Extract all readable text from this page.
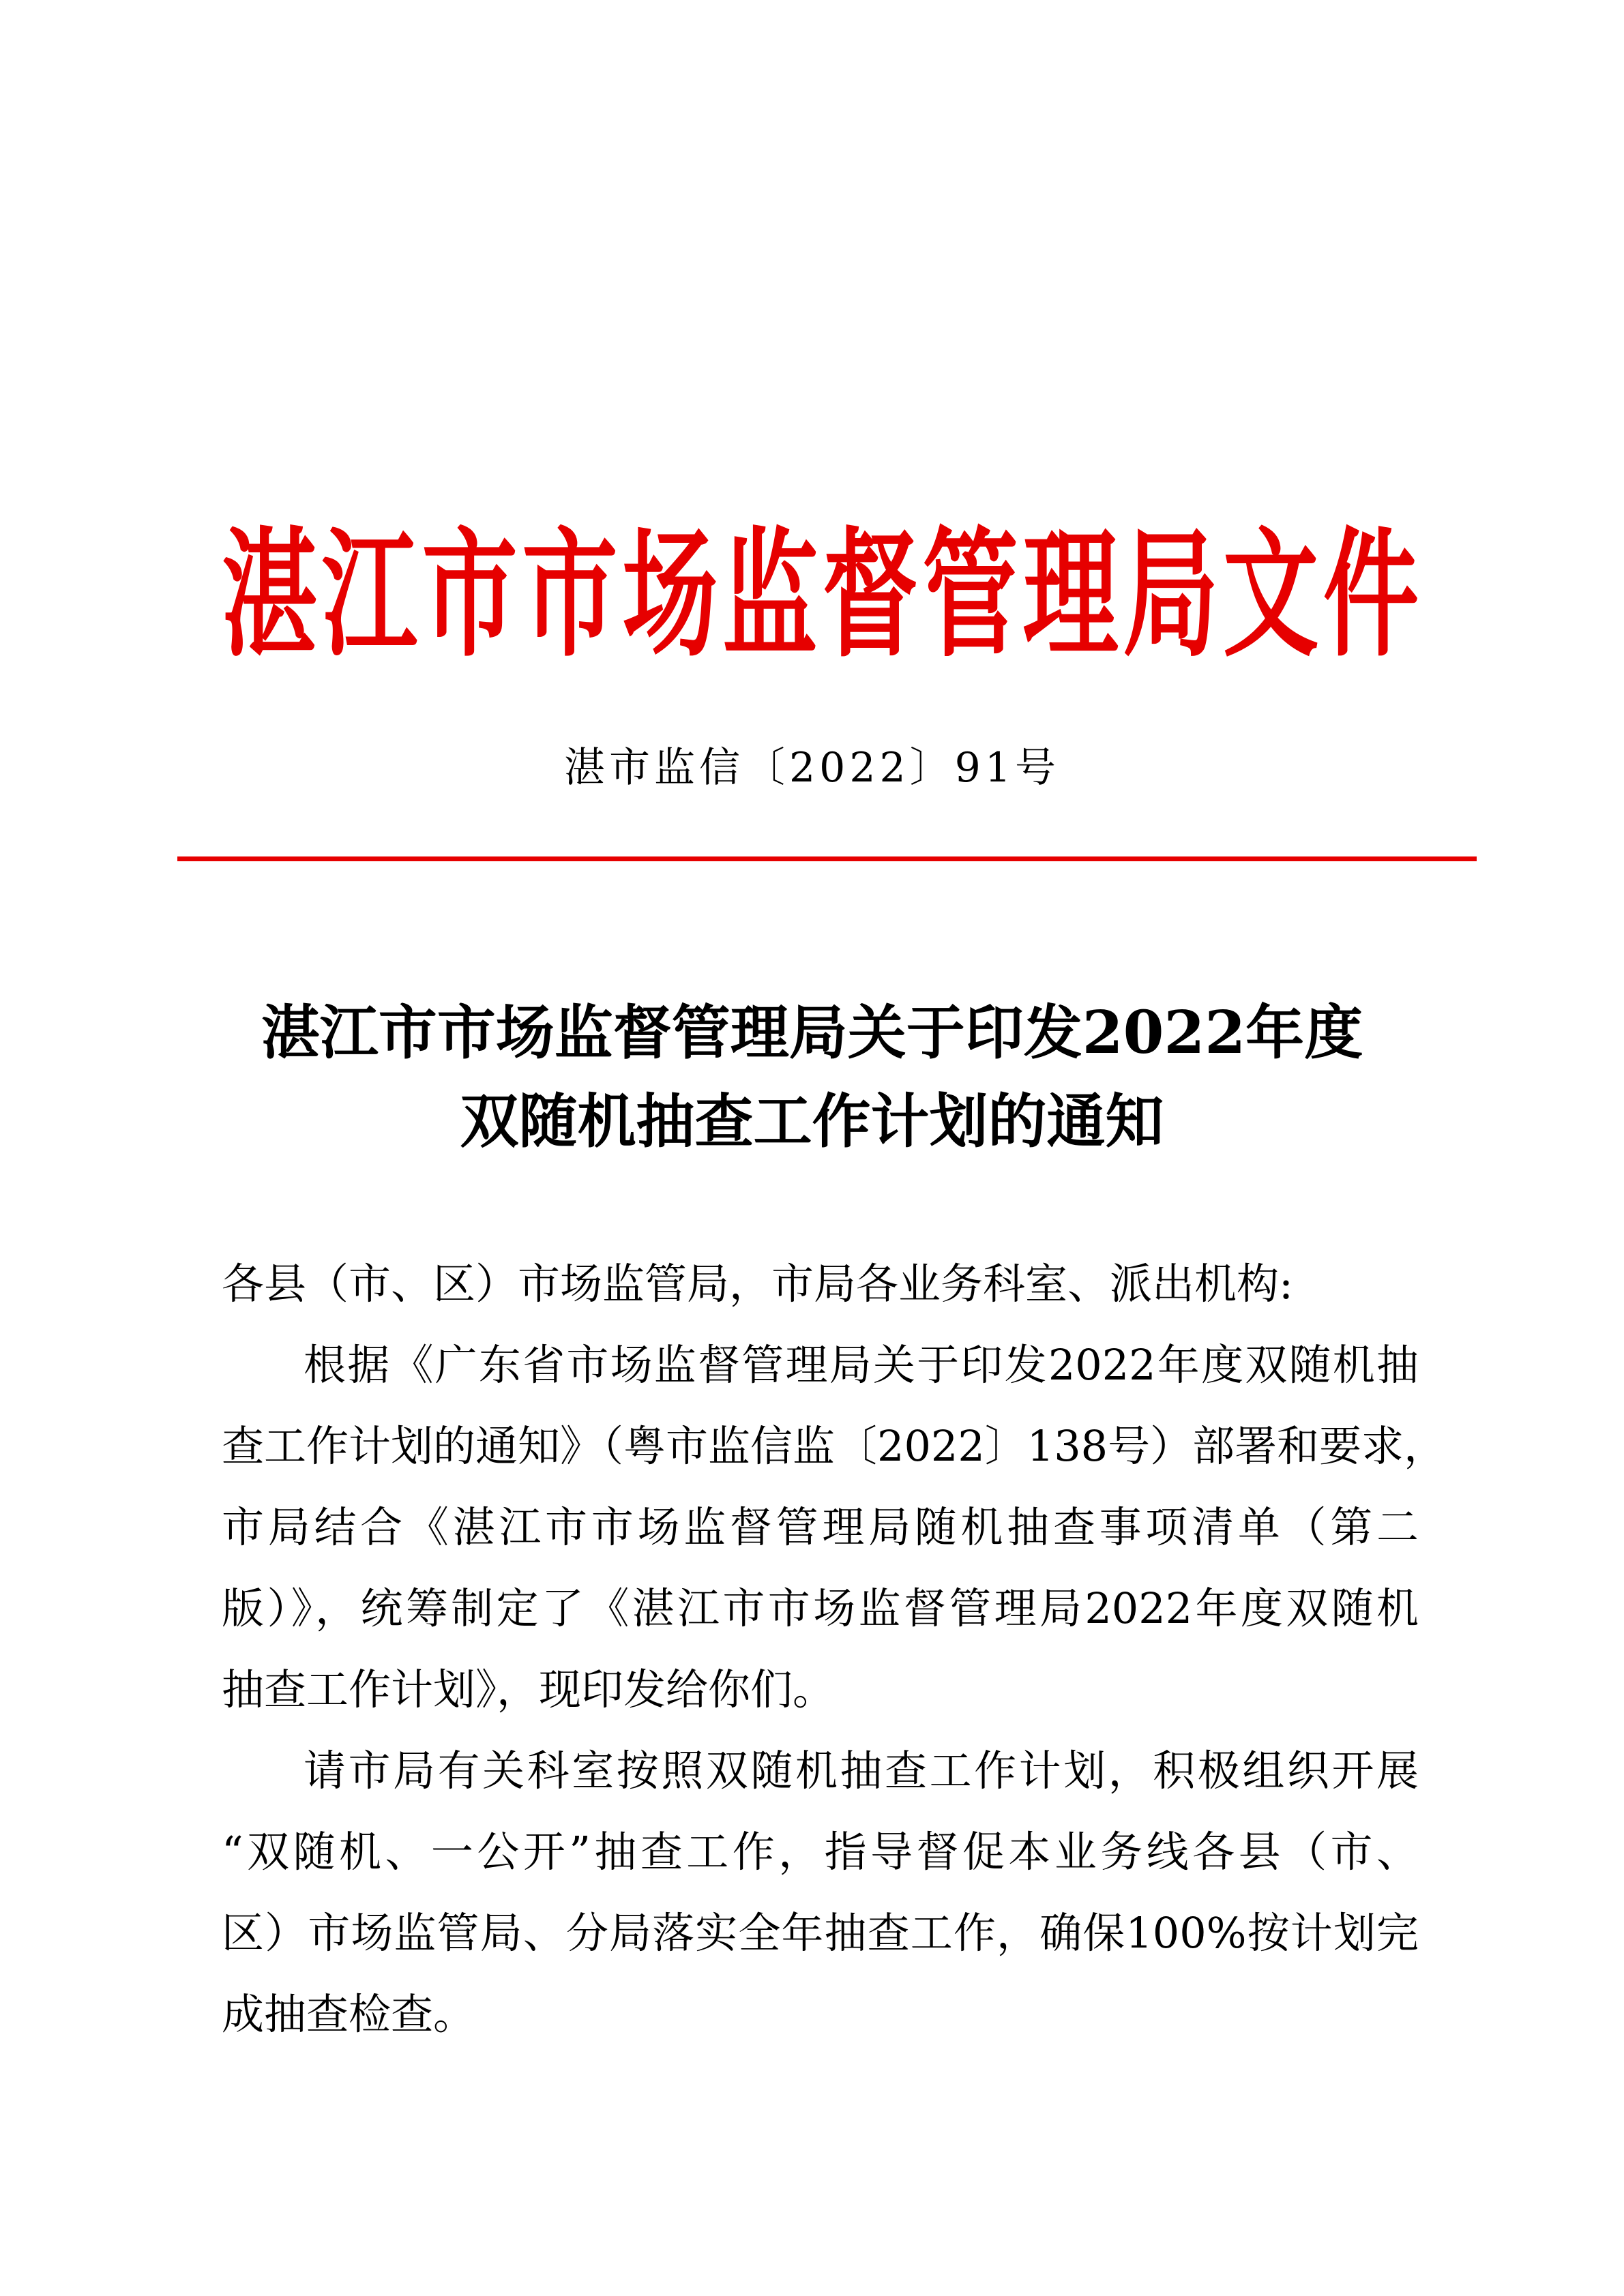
湛 江 市 市 场 监 督 管 理 局 文 件
湛市监信〔2022〕91号
湛江市市场监督管理局关于印发2022年度
双随机抽查工作计划的通知
各县（市、区）市场监管局，市局各业务科室、派出机构:
根据《广东省市场监督管理局关于印发2022年度双随机抽
查工作计划的通知》（粤市监信监〔2022〕138号）部署和要求，
市局结合《湛江市市场监督管理局随机抽查事项清单（第二
版）》，统筹制定了《湛江市市场监督管理局2022年度双随机
抽查工作计划》，现印发给你们。
请市局有关科室按照双随机抽查工作计划，积极组织开展
“双随机、一公开”抽查工作，指导督促本业务线各县（市、
区）市场监管局、分局落实全年抽查工作，确保100%按计划完
成抽查检查。
